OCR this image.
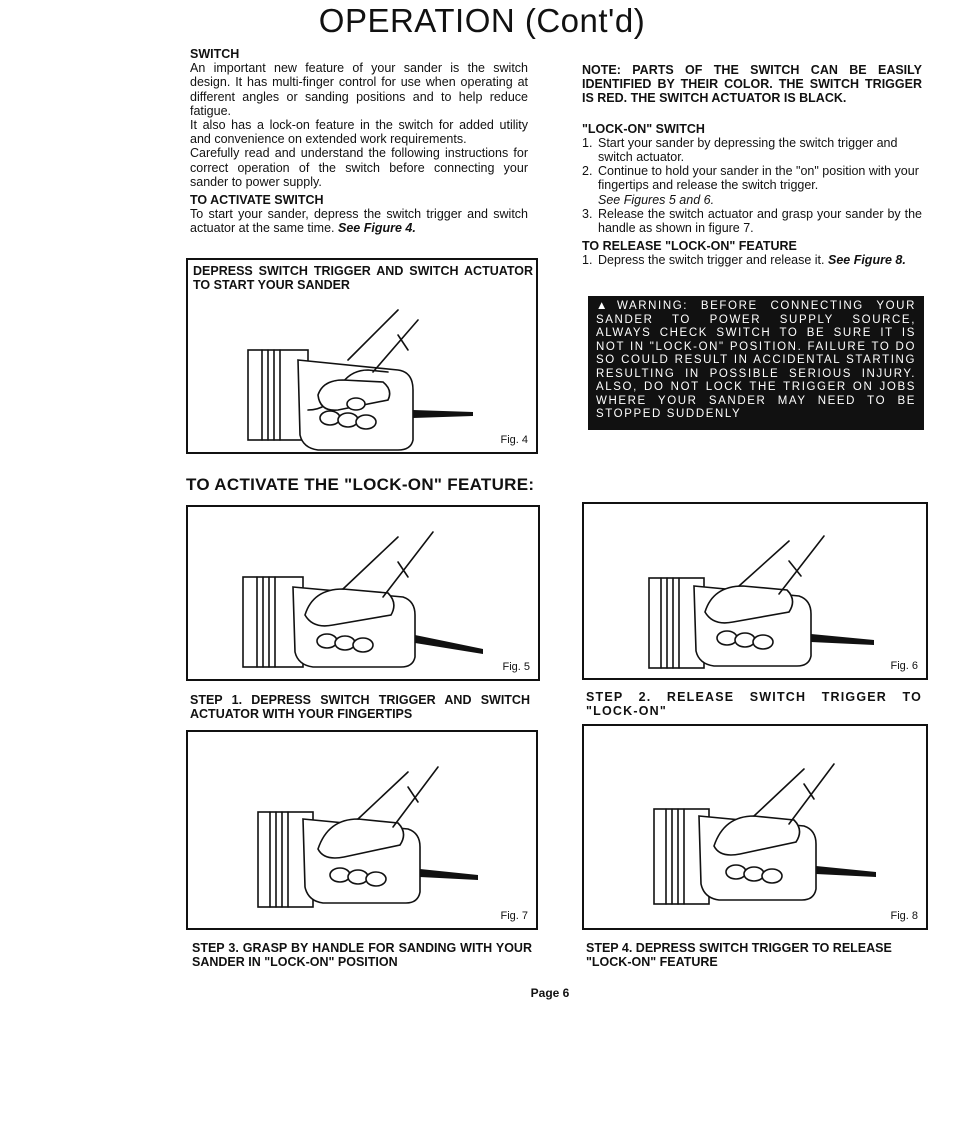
OPERATION (Cont'd)

SWITCH

An important new feature of your sander is the switch design. It has multi-finger control for use when operating at different angles or sanding positions and to help reduce fatigue.

It also has a lock-on feature in the switch for added utility and convenience on extended work requirements.

Carefully read and understand the following instructions for correct operation of the switch before connecting your sander to power supply.

TO ACTIVATE SWITCH

To start your sander, depress the switch trigger and switch actuator at the same time. See Figure 4.

DEPRESS SWITCH TRIGGER AND SWITCH ACTUATOR TO START YOUR SANDER
Fig. 4

NOTE: PARTS OF THE SWITCH CAN BE EASILY IDENTIFIED BY THEIR COLOR. THE SWITCH TRIGGER IS RED. THE SWITCH ACTUATOR IS BLACK.

"LOCK-ON" SWITCH

1. Start your sander by depressing the switch trigger and switch actuator.
2. Continue to hold your sander in the "on" position with your fingertips and release the switch trigger.
See Figures 5 and 6.
3. Release the switch actuator and grasp your sander by the handle as shown in figure 7.

TO RELEASE "LOCK-ON" FEATURE

1. Depress the switch trigger and release it. See Figure 8.
▲WARNING: BEFORE CONNECTING YOUR SANDER TO POWER SUPPLY SOURCE, ALWAYS CHECK SWITCH TO BE SURE IT IS NOT IN "LOCK-ON" POSITION. FAILURE TO DO SO COULD RESULT IN ACCIDENTAL STARTING RESULTING IN POSSIBLE SERIOUS INJURY. ALSO, DO NOT LOCK THE TRIGGER ON JOBS WHERE YOUR SANDER MAY NEED TO BE STOPPED SUDDENLY
TO ACTIVATE THE "LOCK-ON" FEATURE:
Fig. 5	Fig. 6
STEP 1. DEPRESS SWITCH TRIGGER AND SWITCH ACTUATOR WITH YOUR FINGERTIPS
STEP 2. RELEASE SWITCH TRIGGER TO "LOCK-ON"
Fig. 7	Fig. 8
STEP 3. GRASP BY HANDLE FOR SANDING WITH YOUR SANDER IN "LOCK-ON" POSITION
STEP 4. DEPRESS SWITCH TRIGGER TO RELEASE "LOCK-ON" FEATURE
Page 6
